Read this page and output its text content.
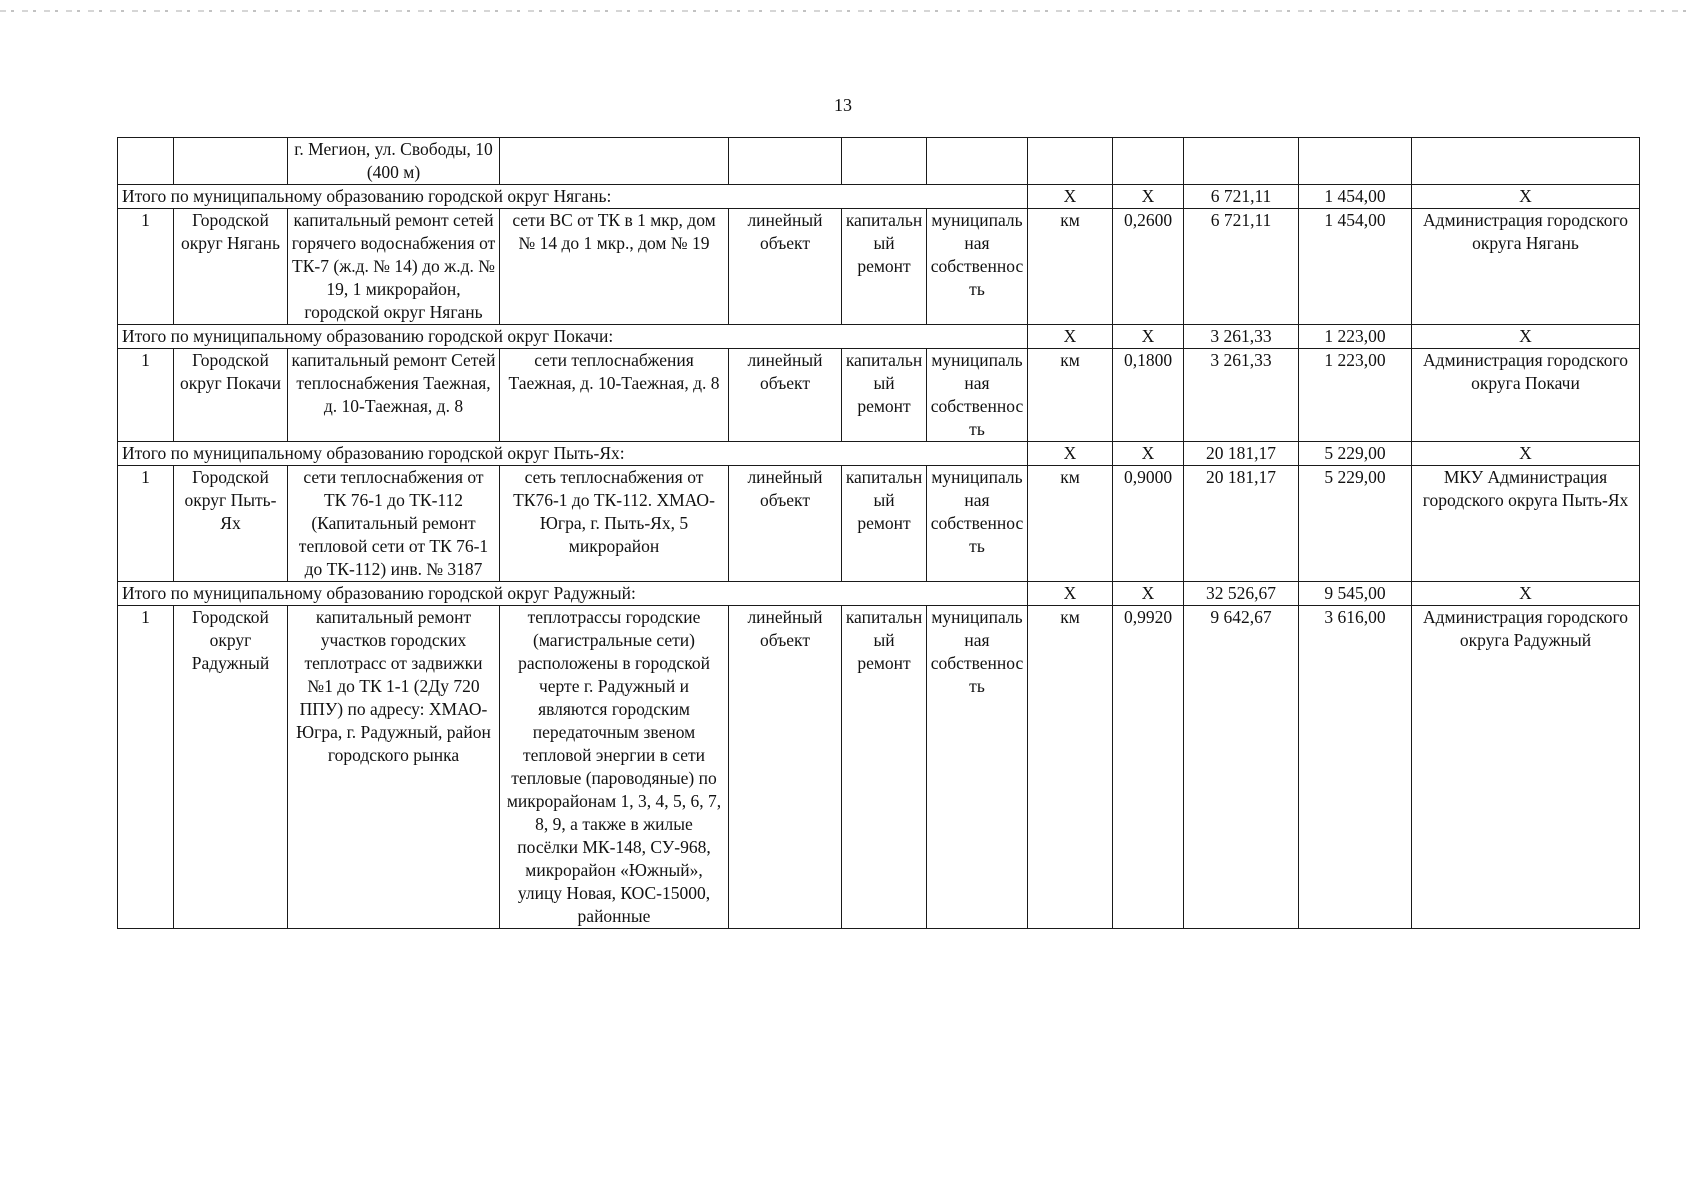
13
		г. Мегион, ул. Свободы, 10 (400 м)									
Итого по муниципальному образованию городской округ Нягань:							Х	Х	6 721,11	1 454,00	Х
1	Городской округ Нягань	капитальный ремонт сетей горячего водоснабжения от ТК-7 (ж.д. № 14) до ж.д. № 19, 1 микрорайон, городской округ Нягань	сети ВС от ТК в 1 мкр, дом № 14 до 1 мкр., дом № 19	линейный объект	капитальный ремонт	муниципальная собственность	км	0,2600	6 721,11	1 454,00	Администрация городского округа Нягань
Итого по муниципальному образованию городской округ Покачи:							Х	Х	3 261,33	1 223,00	Х
1	Городской округ Покачи	капитальный ремонт Сетей теплоснабжения Таежная, д. 10-Таежная, д. 8	сети теплоснабжения Таежная, д. 10-Таежная, д. 8	линейный объект	капитальный ремонт	муниципальная собственность	км	0,1800	3 261,33	1 223,00	Администрация городского округа Покачи
Итого по муниципальному образованию городской округ Пыть-Ях:							Х	Х	20 181,17	5 229,00	Х
1	Городской округ Пыть-Ях	сети теплоснабжения от ТК 76-1 до ТК-112 (Капитальный ремонт тепловой сети от ТК 76-1 до ТК-112) инв. № 3187	сеть теплоснабжения от ТК76-1 до ТК-112. ХМАО-Югра, г. Пыть-Ях, 5 микрорайон	линейный объект	капитальный ремонт	муниципальная собственность	км	0,9000	20 181,17	5 229,00	МКУ Администрация городского округа Пыть-Ях
Итого по муниципальному образованию городской округ Радужный:							Х	Х	32 526,67	9 545,00	Х
1	Городской округ Радужный	капитальный ремонт участков городских теплотрасс от задвижки №1 до ТК 1-1 (2Ду 720 ППУ) по адресу: ХМАО-Югра, г. Радужный, район городского рынка	теплотрассы городские (магистральные сети) расположены в городской черте г. Радужный и являются городским передаточным звеном тепловой энергии в сети тепловые (пароводяные) по микрорайонам 1, 3, 4, 5, 6, 7, 8, 9, а также в жилые посёлки МК-148, СУ-968, микрорайон «Южный», улицу Новая, КОС-15000, районные	линейный объект	капитальный ремонт	муниципальная собственность	км	0,9920	9 642,67	3 616,00	Администрация городского округа Радужный
